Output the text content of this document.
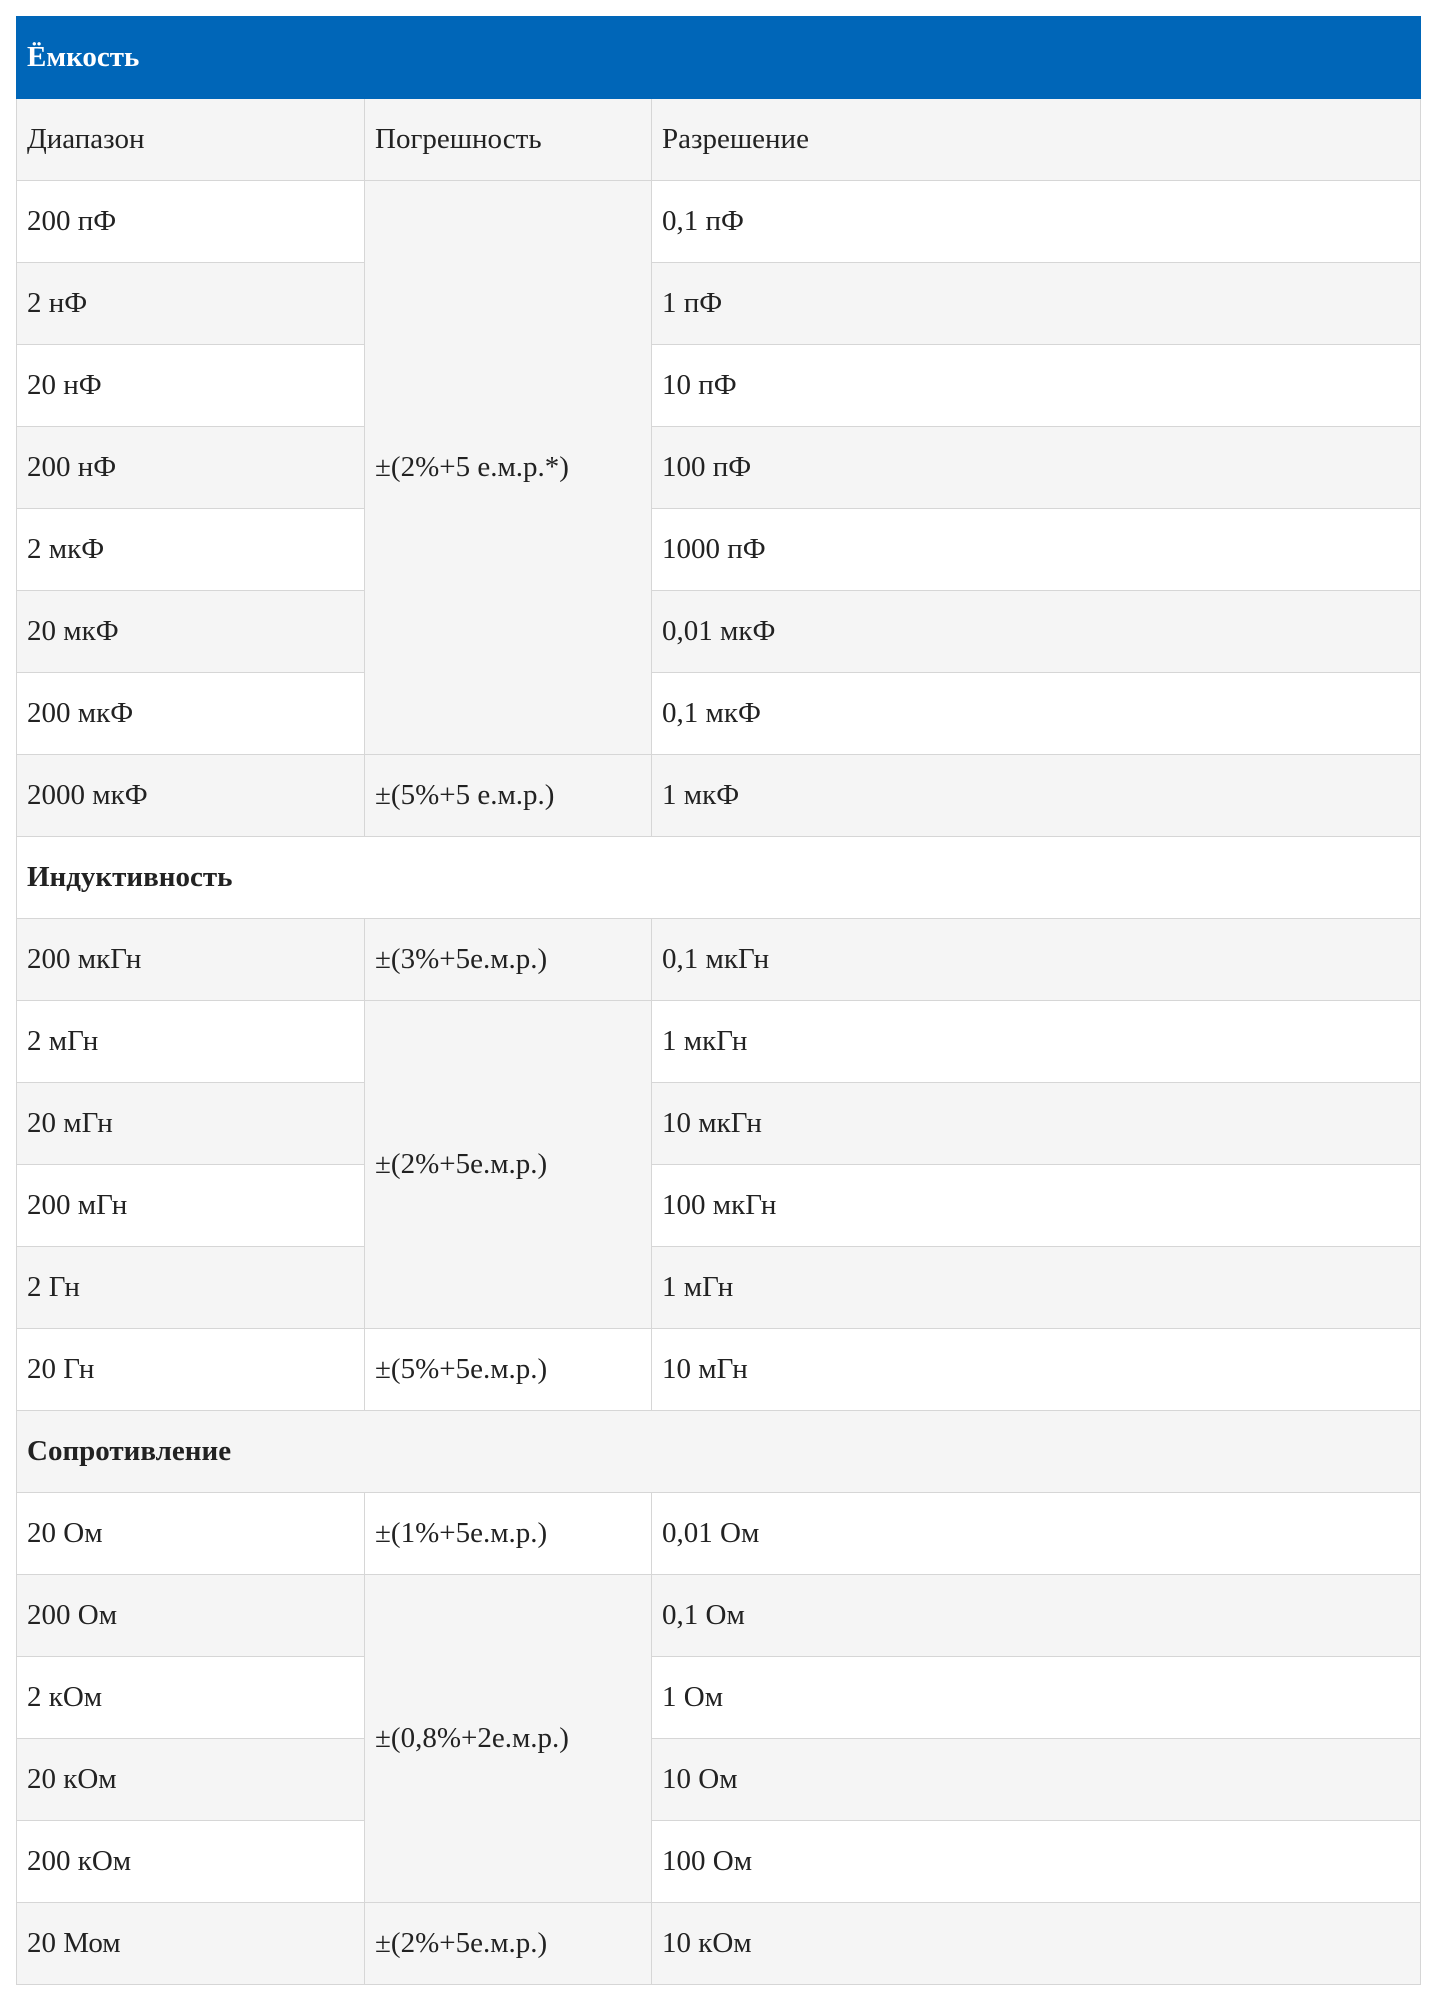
Ёмкость		
Диапазон	Погрешность	Разрешение
200 пФ	±(2%+5 е.м.р.*)	0,1 пФ
2 нФ		1 пФ
20 нФ		10 пФ
200 нФ		100 пФ
2 мкФ		1000 пФ
20 мкФ		0,01 мкФ
200 мкФ		0,1 мкФ
2000 мкФ	±(5%+5 е.м.р.)	1 мкФ
Индуктивность		
200 мкГн	±(3%+5е.м.р.)	0,1 мкГн
2 мГн	±(2%+5е.м.р.)	1 мкГн
20 мГн		10 мкГн
200 мГн		100 мкГн
2 Гн		1 мГн
20 Гн	±(5%+5е.м.р.)	10 мГн
Сопротивление		
20 Ом	±(1%+5е.м.р.)	0,01 Ом
200 Ом	±(0,8%+2е.м.р.)	0,1 Ом
2 кОм		1 Ом
20 кОм		10 Ом
200 кОм		100 Ом
20 Мом	±(2%+5е.м.р.)	10 кОм
